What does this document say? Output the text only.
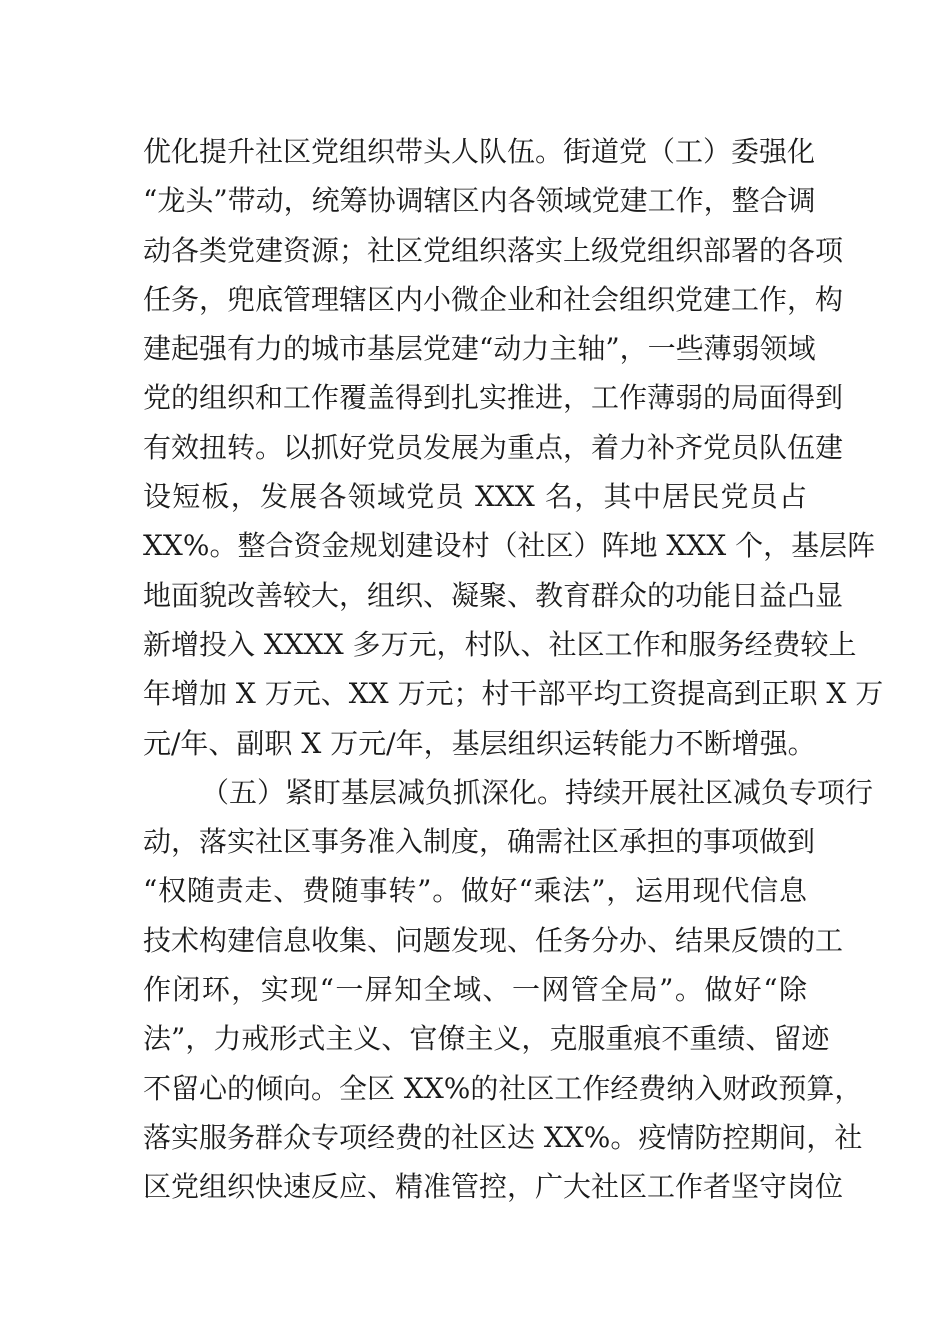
优化提升社区党组织带头人队伍。街道党（工）委强化
“龙头”带动，统筹协调辖区内各领域党建工作，整合调
动各类党建资源；社区党组织落实上级党组织部署的各项
任务，兜底管理辖区内小微企业和社会组织党建工作，构
建起强有力的城市基层党建“动力主轴”，一些薄弱领域
党的组织和工作覆盖得到扎实推进，工作薄弱的局面得到
有效扭转。以抓好党员发展为重点，着力补齐党员队伍建
设短板，发展各领域党员 XXX 名，其中居民党员占
XX%。整合资金规划建设村（社区）阵地 XXX 个，基层阵
地面貌改善较大，组织、凝聚、教育群众的功能日益凸显
新增投入 XXXX 多万元，村队、社区工作和服务经费较上
年增加 X 万元、XX 万元；村干部平均工资提高到正职 X 万
元/年、副职 X 万元/年，基层组织运转能力不断增强。
（五）紧盯基层减负抓深化。持续开展社区减负专项行
动，落实社区事务准入制度，确需社区承担的事项做到
“权随责走、费随事转”。做好“乘法”，运用现代信息
技术构建信息收集、问题发现、任务分办、结果反馈的工
作闭环，实现“一屏知全域、一网管全局”。做好“除
法”，力戒形式主义、官僚主义，克服重痕不重绩、留迹
不留心的倾向。全区 XX%的社区工作经费纳入财政预算，
落实服务群众专项经费的社区达 XX%。疫情防控期间，社
区党组织快速反应、精准管控，广大社区工作者坚守岗位
